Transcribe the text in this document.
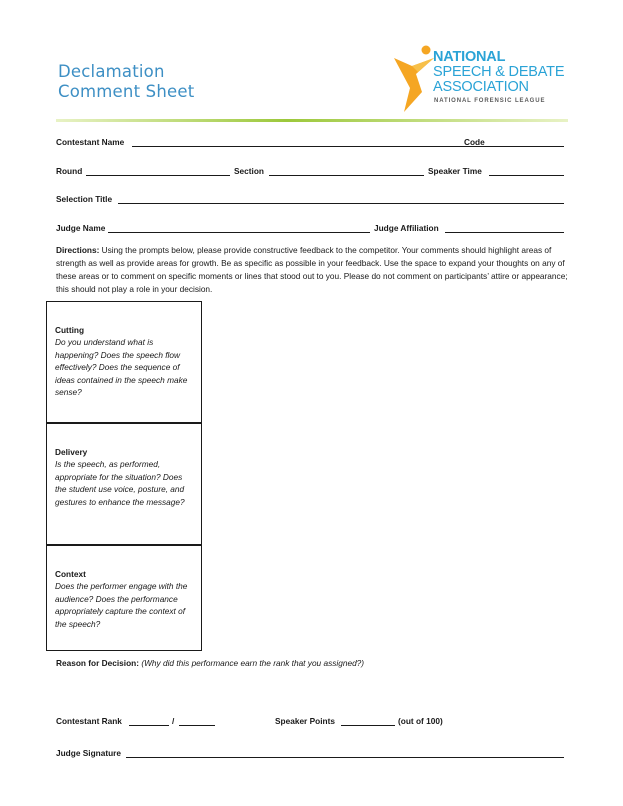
Declamation
Comment Sheet
NATIONAL
SPEECH & DEBATE
ASSOCIATION
NATIONAL FORENSIC LEAGUE
Contestant Name	Code
Round	Section	Speaker Time
Selection Title
Judge Name	Judge Affiliation
Directions: Using the prompts below, please provide constructive feedback to the competitor. Your comments should highlight areas of strength as well as provide areas for growth. Be as specific as possible in your feedback. Use the space to expand your thoughts on any of these areas or to comment on specific moments or lines that stood out to you. Please do not comment on participants’ attire or appearance; this should not play a role in your decision.
Cutting
Do you understand what is happening? Does the speech flow effectively? Does the sequence of ideas contained in the speech make sense?
Delivery
Is the speech, as performed, appropriate for the situation? Does the student use voice, posture, and gestures to enhance the message?
Context
Does the performer engage with the audience? Does the performance appropriately capture the context of the speech?
Reason for Decision: (Why did this performance earn the rank that you assigned?)
Contestant Rank	/	Speaker Points	(out of 100)
Judge Signature
